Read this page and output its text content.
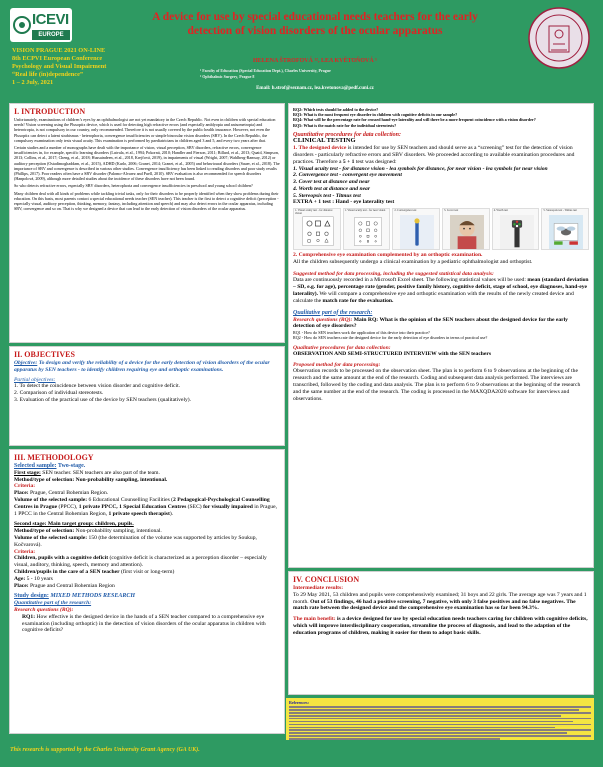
ICEVI
EUROPE
VISION PRAGUE 2021 ON-LINE
8th ECPVI European Conference
Psychology and Visual Impairment
“Real life (in)dependence”
1 – 2 July, 2021
A device for use by special educational needs teachers for the early detection of vision disorders of the ocular apparatus
HELENA ŠTROFOVÁ ¹², LEA KVĚTOŇOVÁ ¹
¹ Faculty of Education (Special Education Dept.), Charles University, Prague
² Ophthalmic Surgery, Prague 8
Email: h.strof@seznam.cz, lea.kvetonova@pedf.cuni.cz
I. INTRODUCTION
Unfortunately, examinations of children’s eyes by an ophthalmologist are not yet mandatory in the Czech Republic. Not even in children with special education needs! Vision screening using the Plusoptix device, which is used for detecting high refractive errors (and especially amblyopia and anisometropia) and heterotropia, is not compulsory in our country, only recommended. Therefore it is not usually covered by the public health insurance. However, not even the Plusoptix can detect a latent strabismus - heterophoria, convergence insufficiencies or simple binocular vision disorders (SBV). In the Czech Republic, the compulsory examination only tests visual acuity. This examination is performed by paediatricians in children aged 3 and 5, and every two years after that.
Certain studies and a number of monographs have dealt with the importance of vision, visual perception, SBV disorders, refractive errors, convergence insufficiencies in, for example, specific learning disorders (Latvala, et al., 1994; Pokorná, 2010; Handler and Fierson, 2011; Billard, et al., 2013; Quaid, Simpson, 2013; Collins, et al., 2017; Cheng, et al., 2018; Hussaindeen, et al., 2018, Krejčová, 2019), in impairments of visual (Wright, 2007; Wahlberg-Ramsay, 2012) or auditory perception (Ostadimoghaddam, et al., 2015), ADHD (Karlo, 2006; Granet, 2014; Granet, et al., 2005) and behavioural disorders (Sauer, et al., 2018). The importance of SBV and convergence is described in various other studies. Convergence insufficiency has been linked to reading disorders and poor study results (Phillips, 2017). Poor readers often have a SBV disorder (Palomo-Alvarez and Puell, 2010). SBV evaluation is also recommended for speech disorders (Hanpolová, 2009), although more detailed studies about the incidence of these disorders have not been found.
So who detects refractive errors, especially SBV disorders, heterophoria and convergence insufficiencies in preschool and young school children?
Many children deal with all kinds of problems while tackling trivial tasks, only for their disorders to be properly identified when they show problems during their education. On this basis, most parents contact a special educational needs teacher (SEN teacher). This teacher is the first to detect a cognitive deficit (perception - especially visual, auditory perception, thinking, memory, fantasy, including attention and speech) and may also detect errors in the ocular apparatus, including SBV, convergence and so on. That is why we designed a device that can lead to the early detection of vision disorders of the ocular apparatus.
II. OBJECTIVES
Objective: To design and verify the reliability of a device for the early detection of vision disorders of the ocular apparatus by SEN teachers - to identify children requiring eye and orthoptic examinations.
Partial objectives:
1. To detect the coincidence between vision disorder and cognitive deficit.
2. Comparison of individual stereotests.
3. Evaluation of the practical use of the device by SEN teachers (qualitatively).
III. METHODOLOGY
Selected sample: Two-stage.
First stage: SEN teacher. SEN teachers are also part of the team.
Method/type of selection: Non-probability sampling, intentional.
Criteria:
Place: Prague, Central Bohemian Region.
Volume of the selected sample: 6 Educational Counselling Facilities (2 Pedagogical-Psychological Counselling Centres in Prague (PPCC), 1 private PPCC, 1 Special Education Centres (SEC) for visually impaired in Prague, 1 PPCC in the Central Bohemian Region, 1 private speech therapist).
Second stage: Main target group: children, pupils.
Method/type of selection: Non-probability sampling, intentional.
Volume of the selected sample: 150 (the determination of the volume was supported by articles by Soukup, Kočvarová).
Criteria:
Children, pupils with a cognitive deficit (cognitive deficit is characterized as a perception disorder – especially visual, auditory, thinking, speech, memory and attention).
Children/pupils in the care of a SEN teacher (first visit or long-term)
Age: 5 - 10 years
Place: Prague and Central Bohemian Region
Study design: MIXED METHODS RESEARCH
Quantitative part of the research:
Research questions (RQ):
RQ1: How effective is the designed device in the hands of a SEN teacher compared to a comprehensive eye examination (including orthoptic) in the detection of vision disorders of the ocular apparatus in children with cognitive deficits?
RQ2: Which tests should be added to the device?
RQ3: What is the most frequent eye disorder in children with cognitive deficits in our sample?
RQ4: What will be the percentage rate for crossed hand-eye laterality and will there be a more frequent coincidence with a vision disorder?
RQ5: What is the match rate for the individual stereotests?
Quantitative procedures for data collection:
CLINICAL TESTING
1. The designed device is intended for use by SEN teachers and should serve as a “screening” test for the detection of vision disorders - particularly refractive errors and SBV disorders. We proceeded according to available examination procedures and practices. Therefore a 5 + 1 test was designed:
1. Visual acuity test - for distance vision - lea symbols for distance, for near vision - lea symbols for near vision
2. Convergence test - convergent eye movement
3. Cover test at distance and near
4. Worth test at distance and near
5. Stereopsis test - Titmus test
EXTRA + 1 test : Hand - eye laterality test
1. Visual acuity test - for distance vision
1. Visual acuity test - for near vision	2. Convergence test	3. Cover test	4. Worth test	5. Stereopsis test - Titmus test
2. Comprehensive eye examination complemented by an orthoptic examination.
All the children subsequently undergo a clinical examination by a pediatric ophthalmologist and orthoptist.
Suggested method for data processing, including the suggested statistical data analysis:
Data are continuously recorded in a Microsoft Excel sheet. The following statistical values will be used: mean (standard deviation – SD, e.g. for age), percentage rate (gender, positive family history, cognitive deficit, stage of school, eye diagnoses, hand-eye laterality). We will compare a comprehensive eye and orthoptic examination with the results of the newly created device and calculate the match rate for the evaluation.
Qualitative part of the research:
Research questions (RQ): Main RQ: What is the opinion of the SEN teachers about the designed device for the early detection of eye disorders?
RQ1 - How do SEN teachers work the application of this device into their practice?
RQ2 - How do SEN teachers rate the designed device for the early detection of eye disorders in terms of practical use?
Qualitative procedures for data collection:
OBSERVATION AND SEMI-STRUCTURED INTERVIEW with the SEN teachers
Proposed method for data processing:
Observation records to be processed on the observation sheet. The plan is to perform 6 to 9 observations at the beginning of the research and the same amount at the end of the research. Coding and subsequent data analysis performed. The interviews are transcribed, followed by the coding and data analysis. The plan is to perform 6 to 9 observations at the beginning of the research and the same number at the end of the research. The coding is processed in the MAXQDA2020 software for interviews and observations.
IV. CONCLUSION
Intermediate results:
To 29 May 2021, 53 children and pupils were comprehensively examined; 31 boys and 22 girls. The average age was 7 years and 1 month. Out of 53 findings, 46 had a positive screening, 7 negative, with only 3 false positives and no false negatives. The match rate between the designed device and the comprehensive eye examination has so far been 94.3%.
The main benefit: is a device designed for use by special education needs teachers caring for children with cognitive deficits, which will improve interdisciplinary cooperation, streamline the process of diagnosis, and lead to the adaption of the education programs of children, making it easier for them to adopt basic skills.
References:
This research is supported by the Charles University Grant Agency (GA UK).
